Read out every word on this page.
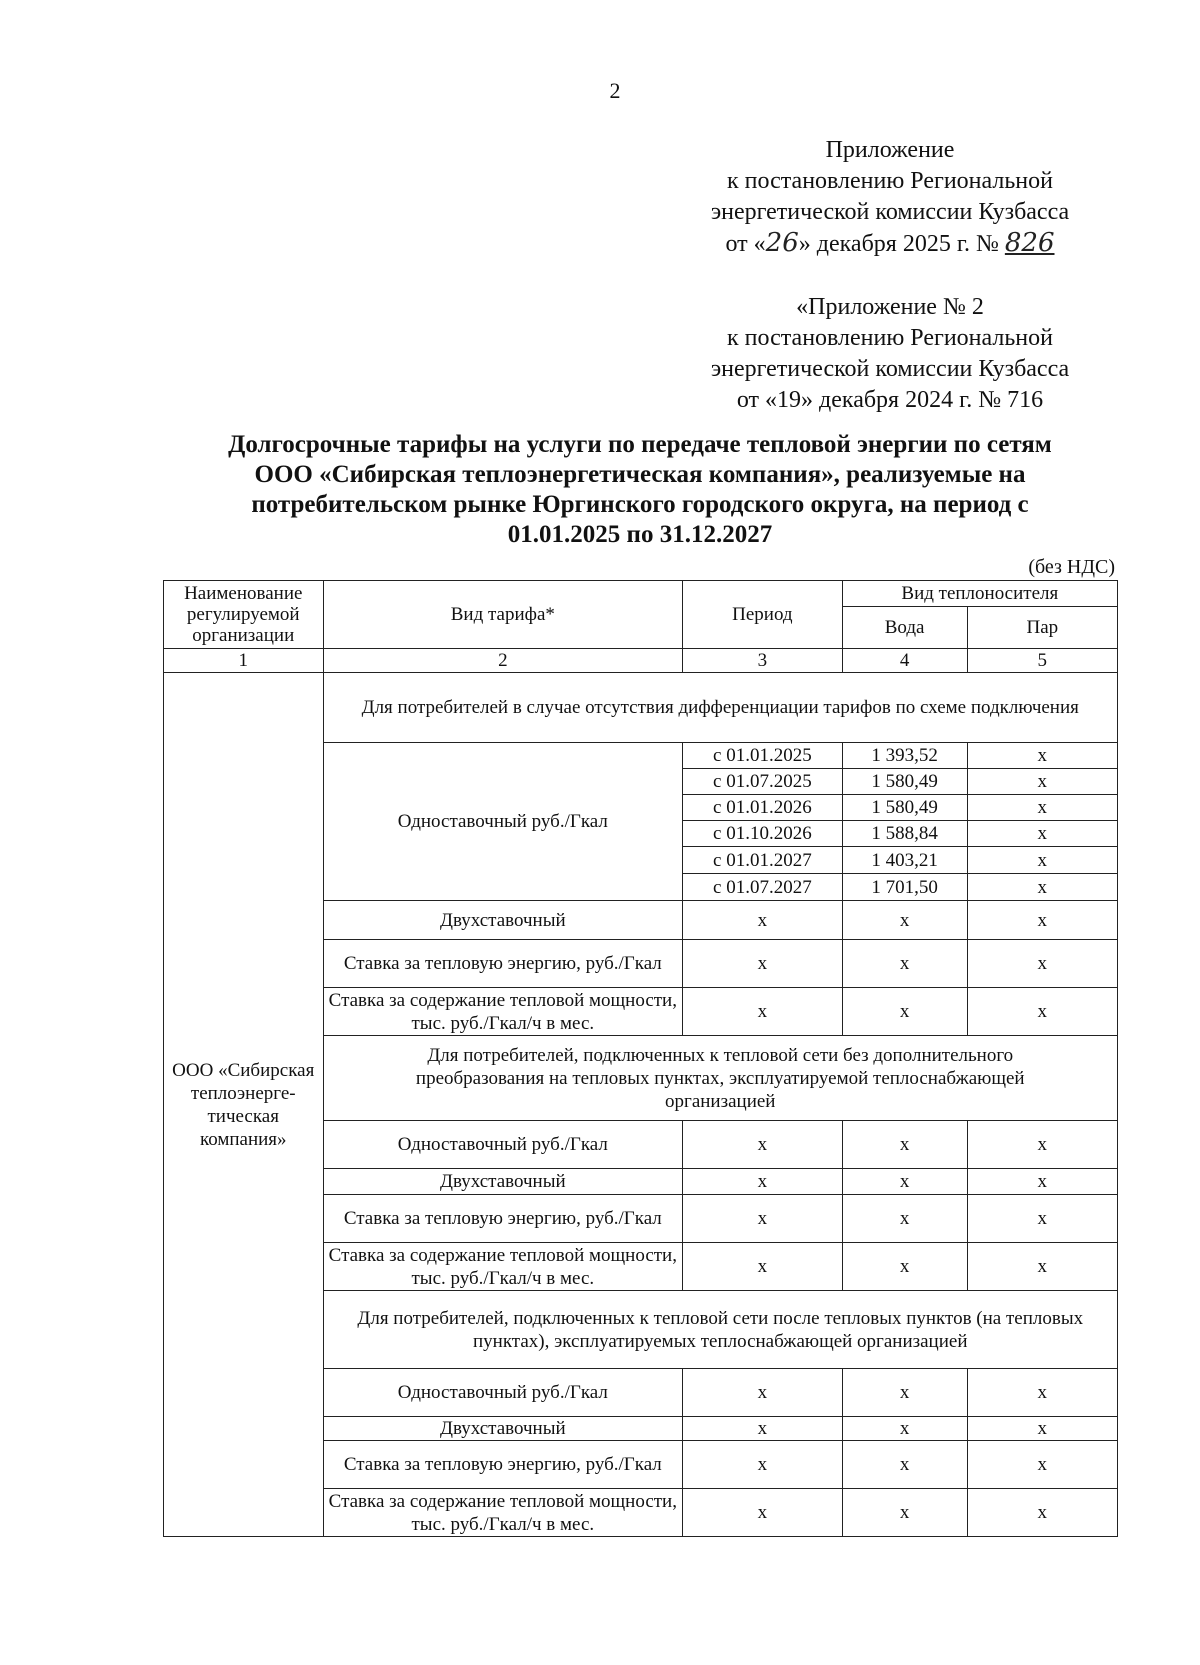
2
Приложение
к постановлению Региональной
энергетической комиссии Кузбасса
от «26» декабря 2025 г. № 826
«Приложение № 2
к постановлению Региональной
энергетической комиссии Кузбасса
от «19» декабря 2024 г. № 716
Долгосрочные тарифы на услуги по передаче тепловой энергии по сетям
ООО «Сибирская теплоэнергетическая компания», реализуемые на
потребительском рынке Юргинского городского округа, на период с
01.01.2025 по 31.12.2027
(без НДС)
Наименование регулируемой организации	Вид тарифа*	Период	Вид теплоносителя	
			Вода	Пар
1	2	3	4	5
ООО «Сибирская теплоэнерге-тическая компания»	Для потребителей в случае отсутствия дифференциации тарифов по схеме подключения			
	Одноставочный руб./Гкал	с 01.01.2025	1 393,52	x
		с 01.07.2025	1 580,49	x
		с 01.01.2026	1 580,49	x
		с 01.10.2026	1 588,84	x
		с 01.01.2027	1 403,21	x
		с 01.07.2027	1 701,50	x
	Двухставочный	x	x	x
	Ставка за тепловую энергию, руб./Гкал	x	x	x
	Ставка за содержание тепловой мощности, тыс. руб./Гкал/ч в мес.	x	x	x
	Для потребителей, подключенных к тепловой сети без дополнительного преобразования на тепловых пунктах, эксплуатируемой теплоснабжающей организацией			
	Одноставочный руб./Гкал	x	x	x
	Двухставочный	x	x	x
	Ставка за тепловую энергию, руб./Гкал	x	x	x
	Ставка за содержание тепловой мощности, тыс. руб./Гкал/ч в мес.	x	x	x
	Для потребителей, подключенных к тепловой сети после тепловых пунктов (на тепловых пунктах), эксплуатируемых теплоснабжающей организацией			
	Одноставочный руб./Гкал	x	x	x
	Двухставочный	x	x	x
	Ставка за тепловую энергию, руб./Гкал	x	x	x
	Ставка за содержание тепловой мощности, тыс. руб./Гкал/ч в мес.	x	x	x
